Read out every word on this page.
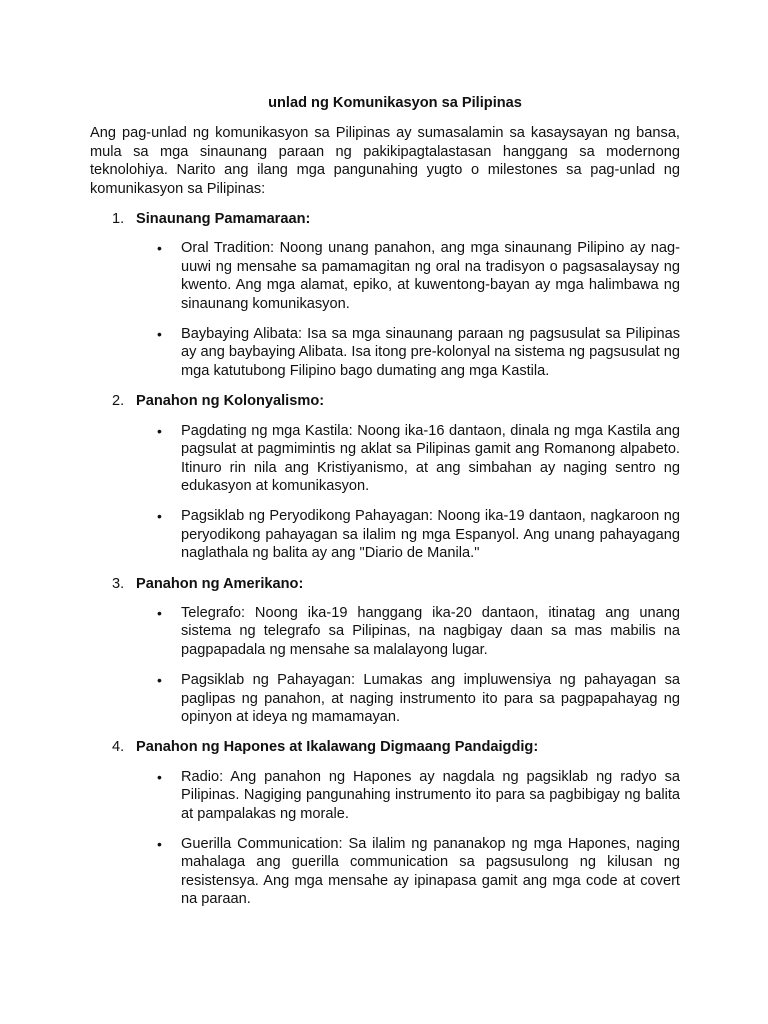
unlad ng Komunikasyon sa Pilipinas

Ang pag-unlad ng komunikasyon sa Pilipinas ay sumasalamin sa kasaysayan ng bansa, mula sa mga sinaunang paraan ng pakikipagtalastasan hanggang sa modernong teknolohiya. Narito ang ilang mga pangunahing yugto o milestones sa pag-unlad ng komunikasyon sa Pilipinas:

1. Sinaunang Pamamaraan:
• Oral Tradition: Noong unang panahon, ang mga sinaunang Pilipino ay nag-uuwi ng mensahe sa pamamagitan ng oral na tradisyon o pagsasalaysay ng kwento. Ang mga alamat, epiko, at kuwentong-bayan ay mga halimbawa ng sinaunang komunikasyon.
• Baybaying Alibata: Isa sa mga sinaunang paraan ng pagsusulat sa Pilipinas ay ang baybaying Alibata. Isa itong pre-kolonyal na sistema ng pagsusulat ng mga katutubong Filipino bago dumating ang mga Kastila.
2. Panahon ng Kolonyalismo:
• Pagdating ng mga Kastila: Noong ika-16 dantaon, dinala ng mga Kastila ang pagsulat at pagmimintis ng aklat sa Pilipinas gamit ang Romanong alpabeto. Itinuro rin nila ang Kristiyanismo, at ang simbahan ay naging sentro ng edukasyon at komunikasyon.
• Pagsiklab ng Peryodikong Pahayagan: Noong ika-19 dantaon, nagkaroon ng peryodikong pahayagan sa ilalim ng mga Espanyol. Ang unang pahayagang naglathala ng balita ay ang "Diario de Manila."
3. Panahon ng Amerikano:
• Telegrafo: Noong ika-19 hanggang ika-20 dantaon, itinatag ang unang sistema ng telegrafo sa Pilipinas, na nagbigay daan sa mas mabilis na pagpapadala ng mensahe sa malalayong lugar.
• Pagsiklab ng Pahayagan: Lumakas ang impluwensiya ng pahayagan sa paglipas ng panahon, at naging instrumento ito para sa pagpapahayag ng opinyon at ideya ng mamamayan.
4. Panahon ng Hapones at Ikalawang Digmaang Pandaigdig:
• Radio: Ang panahon ng Hapones ay nagdala ng pagsiklab ng radyo sa Pilipinas. Nagiging pangunahing instrumento ito para sa pagbibigay ng balita at pampalakas ng morale.
• Guerilla Communication: Sa ilalim ng pananakop ng mga Hapones, naging mahalaga ang guerilla communication sa pagsusulong ng kilusan ng resistensya. Ang mga mensahe ay ipinapasa gamit ang mga code at covert na paraan.
